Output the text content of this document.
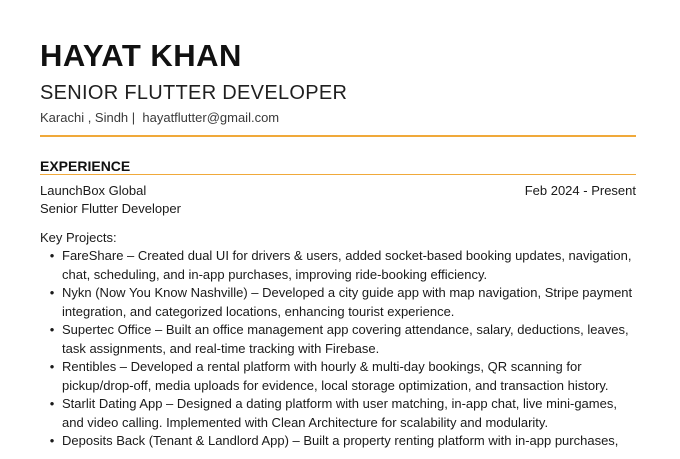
HAYAT KHAN
SENIOR FLUTTER DEVELOPER
Karachi , Sindh |  hayatflutter@gmail.com
EXPERIENCE
LaunchBox Global	Feb 2024 - Present
Senior Flutter Developer
Key Projects:
• FareShare – Created dual UI for drivers & users, added socket-based booking updates, navigation,
chat, scheduling, and in-app purchases, improving ride-booking efficiency.
• Nykn (Now You Know Nashville) – Developed a city guide app with map navigation, Stripe payment
integration, and categorized locations, enhancing tourist experience.
• Supertec Office – Built an office management app covering attendance, salary, deductions, leaves,
task assignments, and real-time tracking with Firebase.
• Rentibles – Developed a rental platform with hourly & multi-day bookings, QR scanning for
pickup/drop-off, media uploads for evidence, local storage optimization, and transaction history.
• Starlit Dating App – Designed a dating platform with user matching, in-app chat, live mini-games,
and video calling. Implemented with Clean Architecture for scalability and modularity.
• Deposits Back (Tenant & Landlord App) – Built a property renting platform with in-app purchases,
